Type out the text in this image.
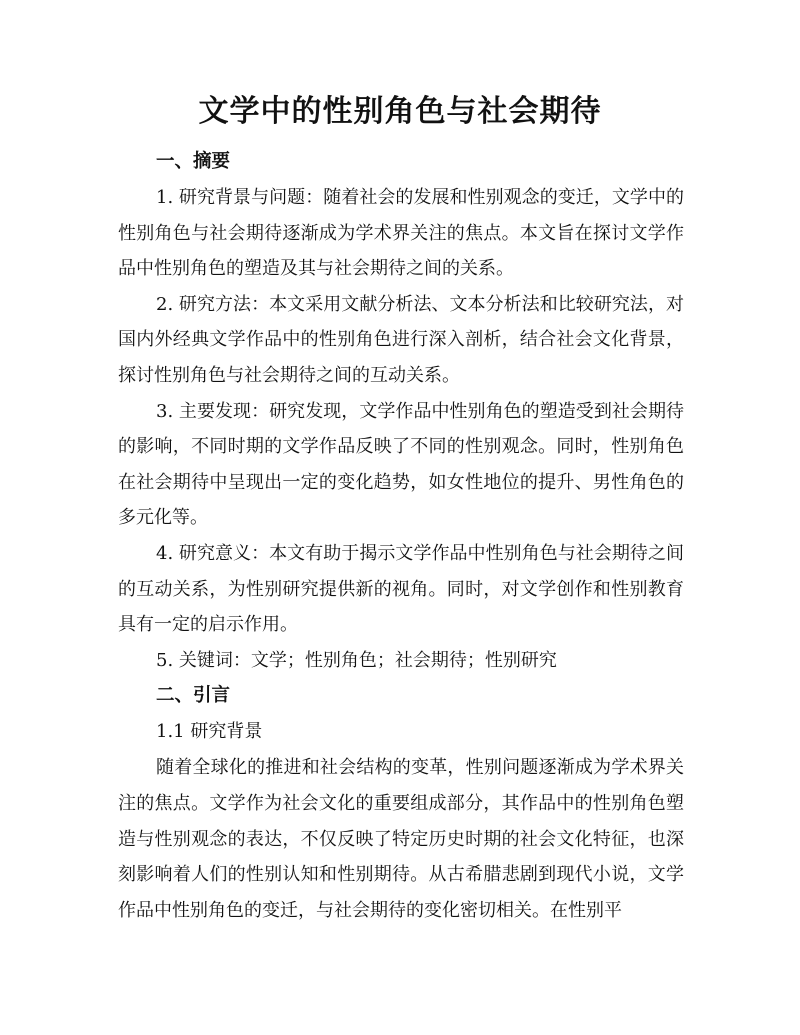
文学中的性别角色与社会期待

一、摘要

1. 研究背景与问题：随着社会的发展和性别观念的变迁，文学中的性别角色与社会期待逐渐成为学术界关注的焦点。本文旨在探讨文学作品中性别角色的塑造及其与社会期待之间的关系。

2. 研究方法：本文采用文献分析法、文本分析法和比较研究法，对国内外经典文学作品中的性别角色进行深入剖析，结合社会文化背景，探讨性别角色与社会期待之间的互动关系。

3. 主要发现：研究发现，文学作品中性别角色的塑造受到社会期待的影响，不同时期的文学作品反映了不同的性别观念。同时，性别角色在社会期待中呈现出一定的变化趋势，如女性地位的提升、男性角色的多元化等。

4. 研究意义：本文有助于揭示文学作品中性别角色与社会期待之间的互动关系，为性别研究提供新的视角。同时，对文学创作和性别教育具有一定的启示作用。

5. 关键词：文学；性别角色；社会期待；性别研究

二、引言

1.1 研究背景

随着全球化的推进和社会结构的变革，性别问题逐渐成为学术界关注的焦点。文学作为社会文化的重要组成部分，其作品中的性别角色塑造与性别观念的表达，不仅反映了特定历史时期的社会文化特征，也深刻影响着人们的性别认知和性别期待。从古希腊悲剧到现代小说，文学作品中性别角色的变迁，与社会期待的变化密切相关。在性别平
